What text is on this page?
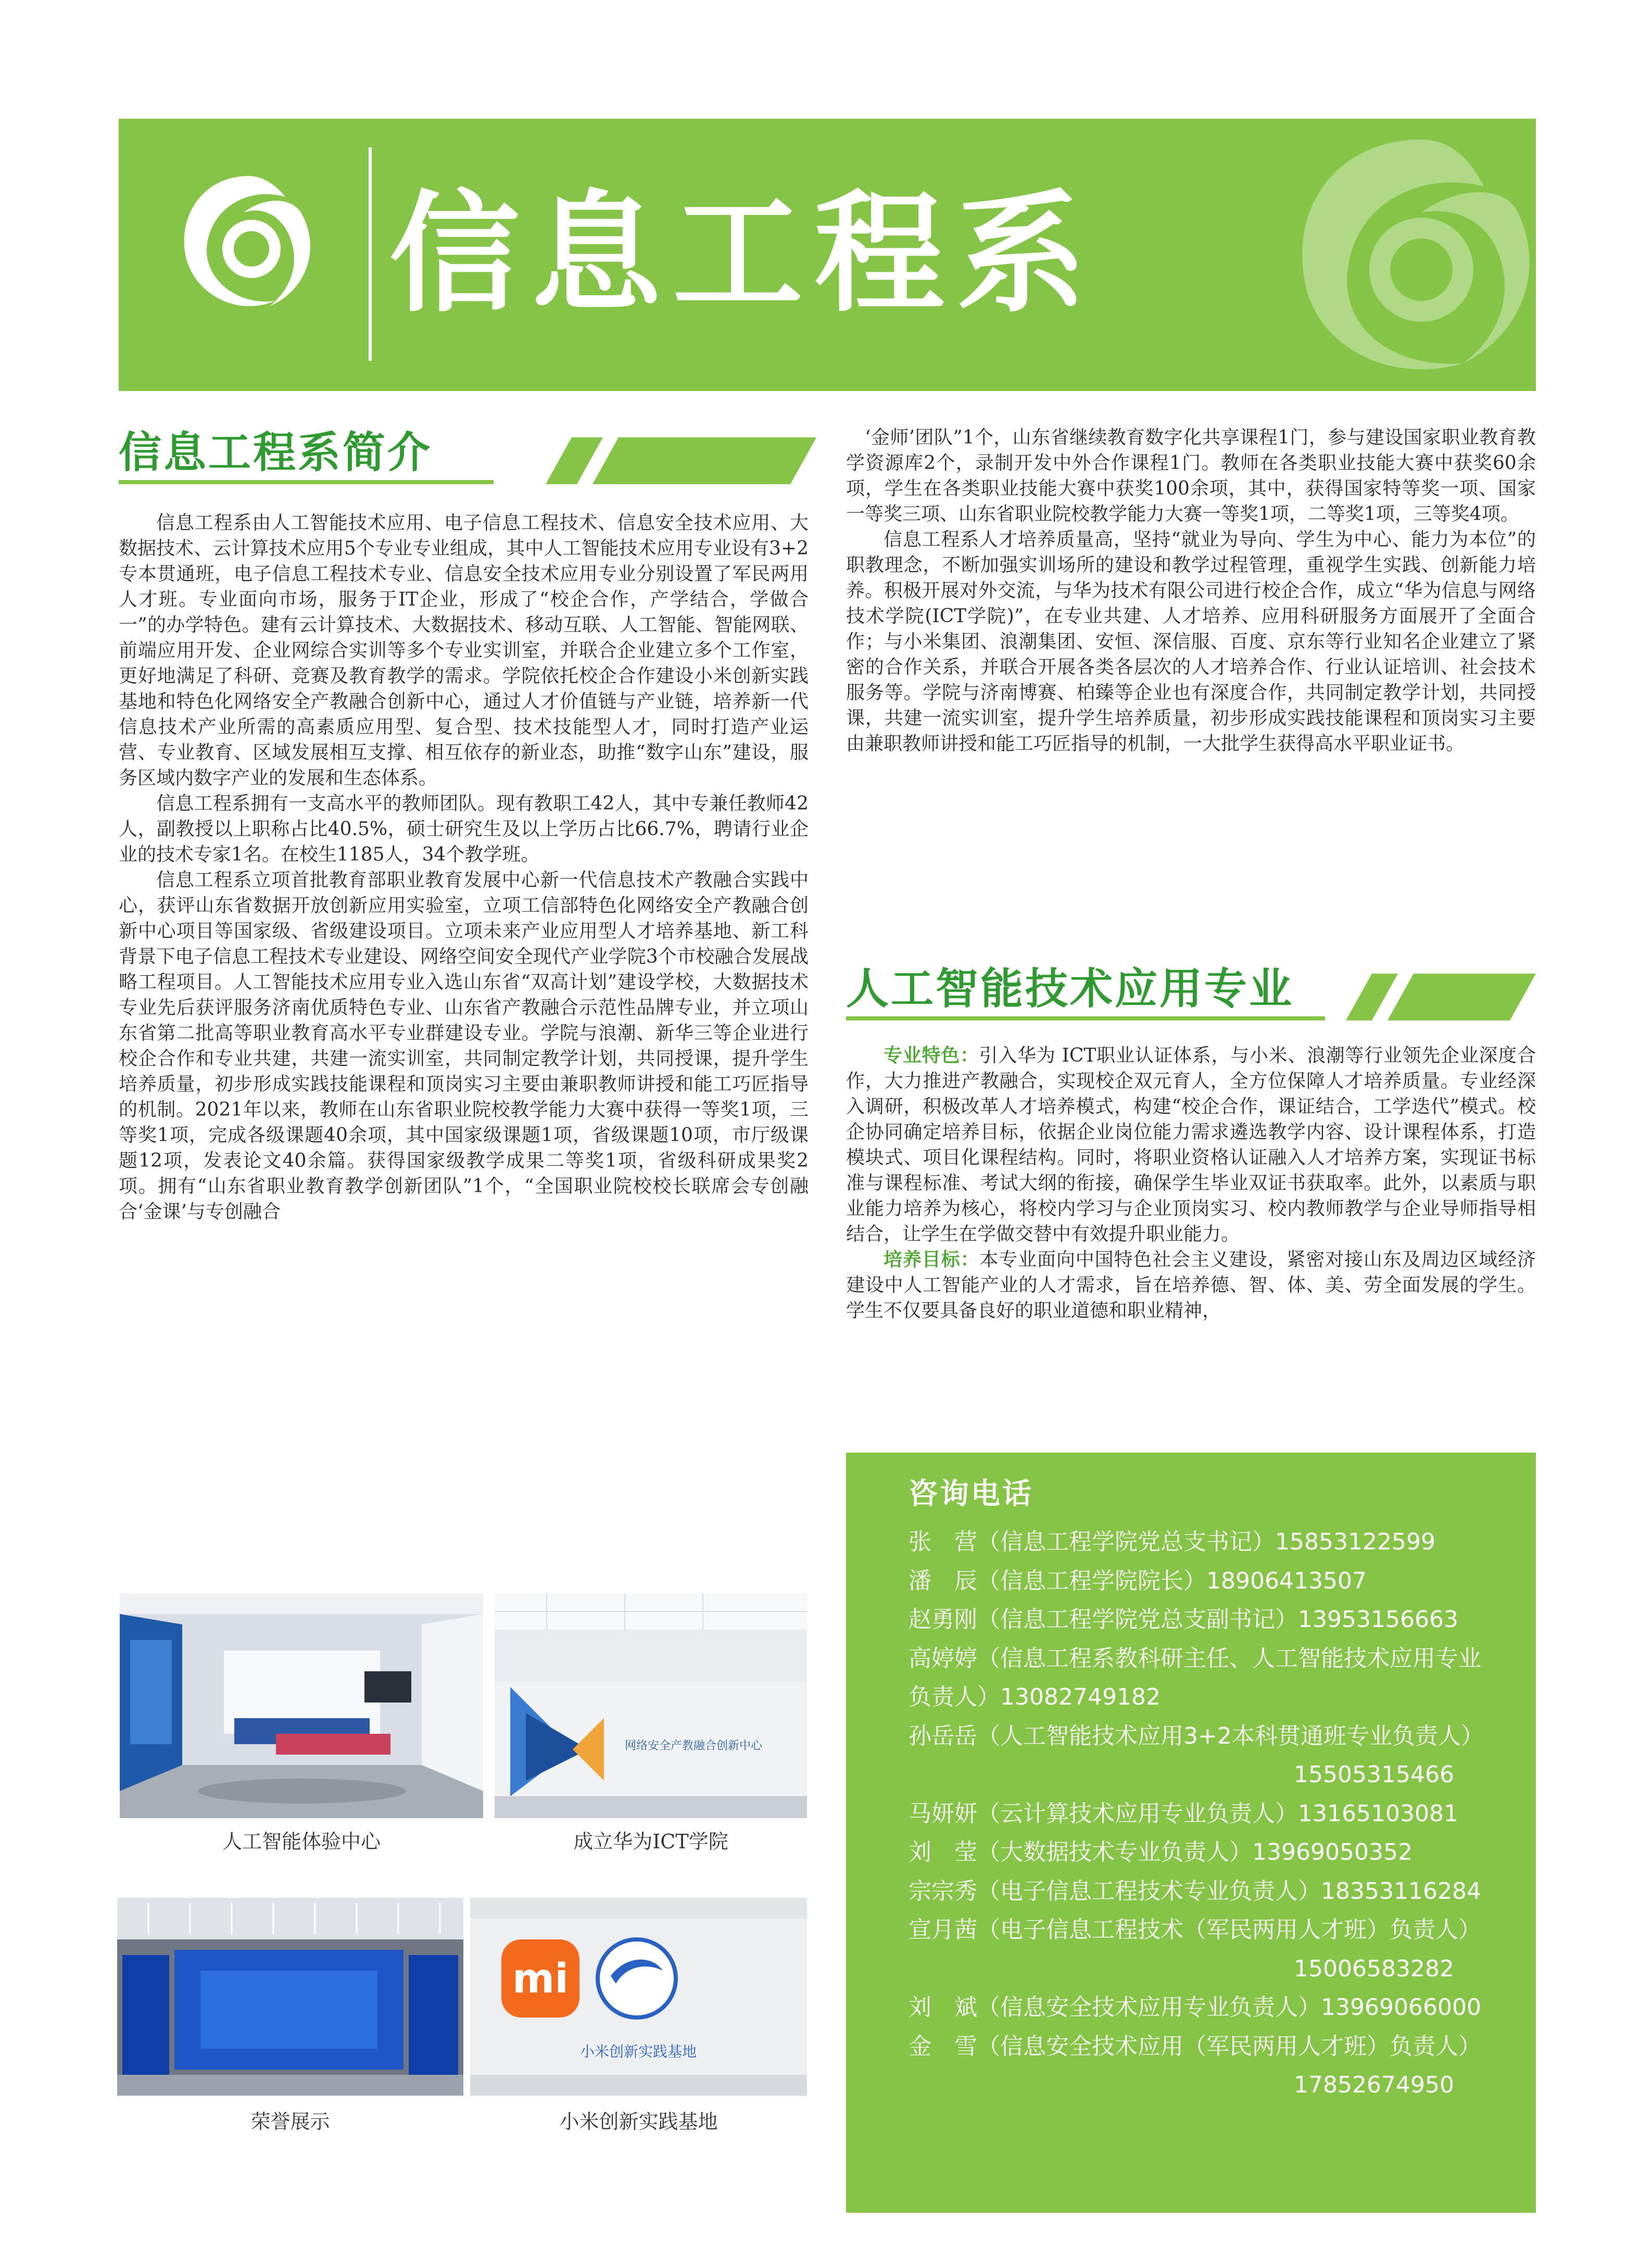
信息工程系
信息工程系简介

信息工程系由人工智能技术应用、电子信息工程技术、信息安全技术应用、大数据技术、云计算技术应用5个专业专业组成，其中人工智能技术应用专业设有3+2专本贯通班，电子信息工程技术专业、信息安全技术应用专业分别设置了军民两用人才班。专业面向市场，服务于IT企业，形成了“校企合作，产学结合，学做合一”的办学特色。建有云计算技术、大数据技术、移动互联、人工智能、智能网联、前端应用开发、企业网综合实训等多个专业实训室，并联合企业建立多个工作室，更好地满足了科研、竞赛及教育教学的需求。学院依托校企合作建设小米创新实践基地和特色化网络安全产教融合创新中心，通过人才价值链与产业链，培养新一代信息技术产业所需的高素质应用型、复合型、技术技能型人才，同时打造产业运营、专业教育、区域发展相互支撑、相互依存的新业态，助推“数字山东”建设，服务区域内数字产业的发展和生态体系。

信息工程系拥有一支高水平的教师团队。现有教职工42人，其中专兼任教师42人，副教授以上职称占比40.5%，硕士研究生及以上学历占比66.7%，聘请行业企业的技术专家1名。在校生1185人，34个教学班。

信息工程系立项首批教育部职业教育发展中心新一代信息技术产教融合实践中心，获评山东省数据开放创新应用实验室，立项工信部特色化网络安全产教融合创新中心项目等国家级、省级建设项目。立项未来产业应用型人才培养基地、新工科背景下电子信息工程技术专业建设、网络空间安全现代产业学院3个市校融合发展战略工程项目。人工智能技术应用专业入选山东省“双高计划”建设学校，大数据技术专业先后获评服务济南优质特色专业、山东省产教融合示范性品牌专业，并立项山东省第二批高等职业教育高水平专业群建设专业。学院与浪潮、新华三等企业进行校企合作和专业共建，共建一流实训室，共同制定教学计划，共同授课，提升学生培养质量，初步形成实践技能课程和顶岗实习主要由兼职教师讲授和能工巧匠指导的机制。2021年以来，教师在山东省职业院校教学能力大赛中获得一等奖1项，三等奖1项，完成各级课题40余项，其中国家级课题1项，省级课题10项，市厅级课题12项，发表论文40余篇。获得国家级教学成果二等奖1项，省级科研成果奖2项。拥有“山东省职业教育教学创新团队”1个，“全国职业院校校长联席会专创融合‘金课’与专创融合

‘金师’团队”1个，山东省继续教育数字化共享课程1门，参与建设国家职业教育教学资源库2个，录制开发中外合作课程1门。教师在各类职业技能大赛中获奖60余项，学生在各类职业技能大赛中获奖100余项，其中，获得国家特等奖一项、国家一等奖三项、山东省职业院校教学能力大赛一等奖1项，二等奖1项，三等奖4项。

信息工程系人才培养质量高，坚持“就业为导向、学生为中心、能力为本位”的职教理念，不断加强实训场所的建设和教学过程管理，重视学生实践、创新能力培养。积极开展对外交流，与华为技术有限公司进行校企合作，成立“华为信息与网络技术学院(ICT学院)”，在专业共建、人才培养、应用科研服务方面展开了全面合作；与小米集团、浪潮集团、安恒、深信服、百度、京东等行业知名企业建立了紧密的合作关系，并联合开展各类各层次的人才培养合作、行业认证培训、社会技术服务等。学院与济南博赛、柏臻等企业也有深度合作，共同制定教学计划，共同授课，共建一流实训室，提升学生培养质量，初步形成实践技能课程和顶岗实习主要由兼职教师讲授和能工巧匠指导的机制，一大批学生获得高水平职业证书。

人工智能技术应用专业

专业特色：引入华为 ICT职业认证体系，与小米、浪潮等行业领先企业深度合作，大力推进产教融合，实现校企双元育人，全方位保障人才培养质量。专业经深入调研，积极改革人才培养模式，构建“校企合作，课证结合，工学迭代”模式。校企协同确定培养目标，依据企业岗位能力需求遴选教学内容、设计课程体系，打造模块式、项目化课程结构。同时，将职业资格认证融入人才培养方案，实现证书标准与课程标准、考试大纲的衔接，确保学生毕业双证书获取率。此外，以素质与职业能力培养为核心，将校内学习与企业顶岗实习、校内教师教学与企业导师指导相结合，让学生在学做交替中有效提升职业能力。

培养目标：本专业面向中国特色社会主义建设，紧密对接山东及周边区域经济建设中人工智能产业的人才需求，旨在培养德、智、体、美、劳全面发展的学生。学生不仅要具备良好的职业道德和职业精神，

人工智能体验中心
网络安全产教融合创新中心
成立华为ICT学院
荣誉展示
mi
小米创新实践基地
小米创新实践基地
咨询电话
张　营（信息工程学院党总支书记）15853122599
潘　辰（信息工程学院院长）18906413507
赵勇刚（信息工程学院党总支副书记）13953156663
高婷婷（信息工程系教科研主任、人工智能技术应用专业
负责人）13082749182
孙岳岳（人工智能技术应用3+2本科贯通班专业负责人）
15505315466
马妍妍（云计算技术应用专业负责人）13165103081
刘　莹（大数据技术专业负责人）13969050352
宗宗秀（电子信息工程技术专业负责人）18353116284
宣月茜（电子信息工程技术（军民两用人才班）负责人）
15006583282
刘　斌（信息安全技术应用专业负责人）13969066000
金　雪（信息安全技术应用（军民两用人才班）负责人）
17852674950
